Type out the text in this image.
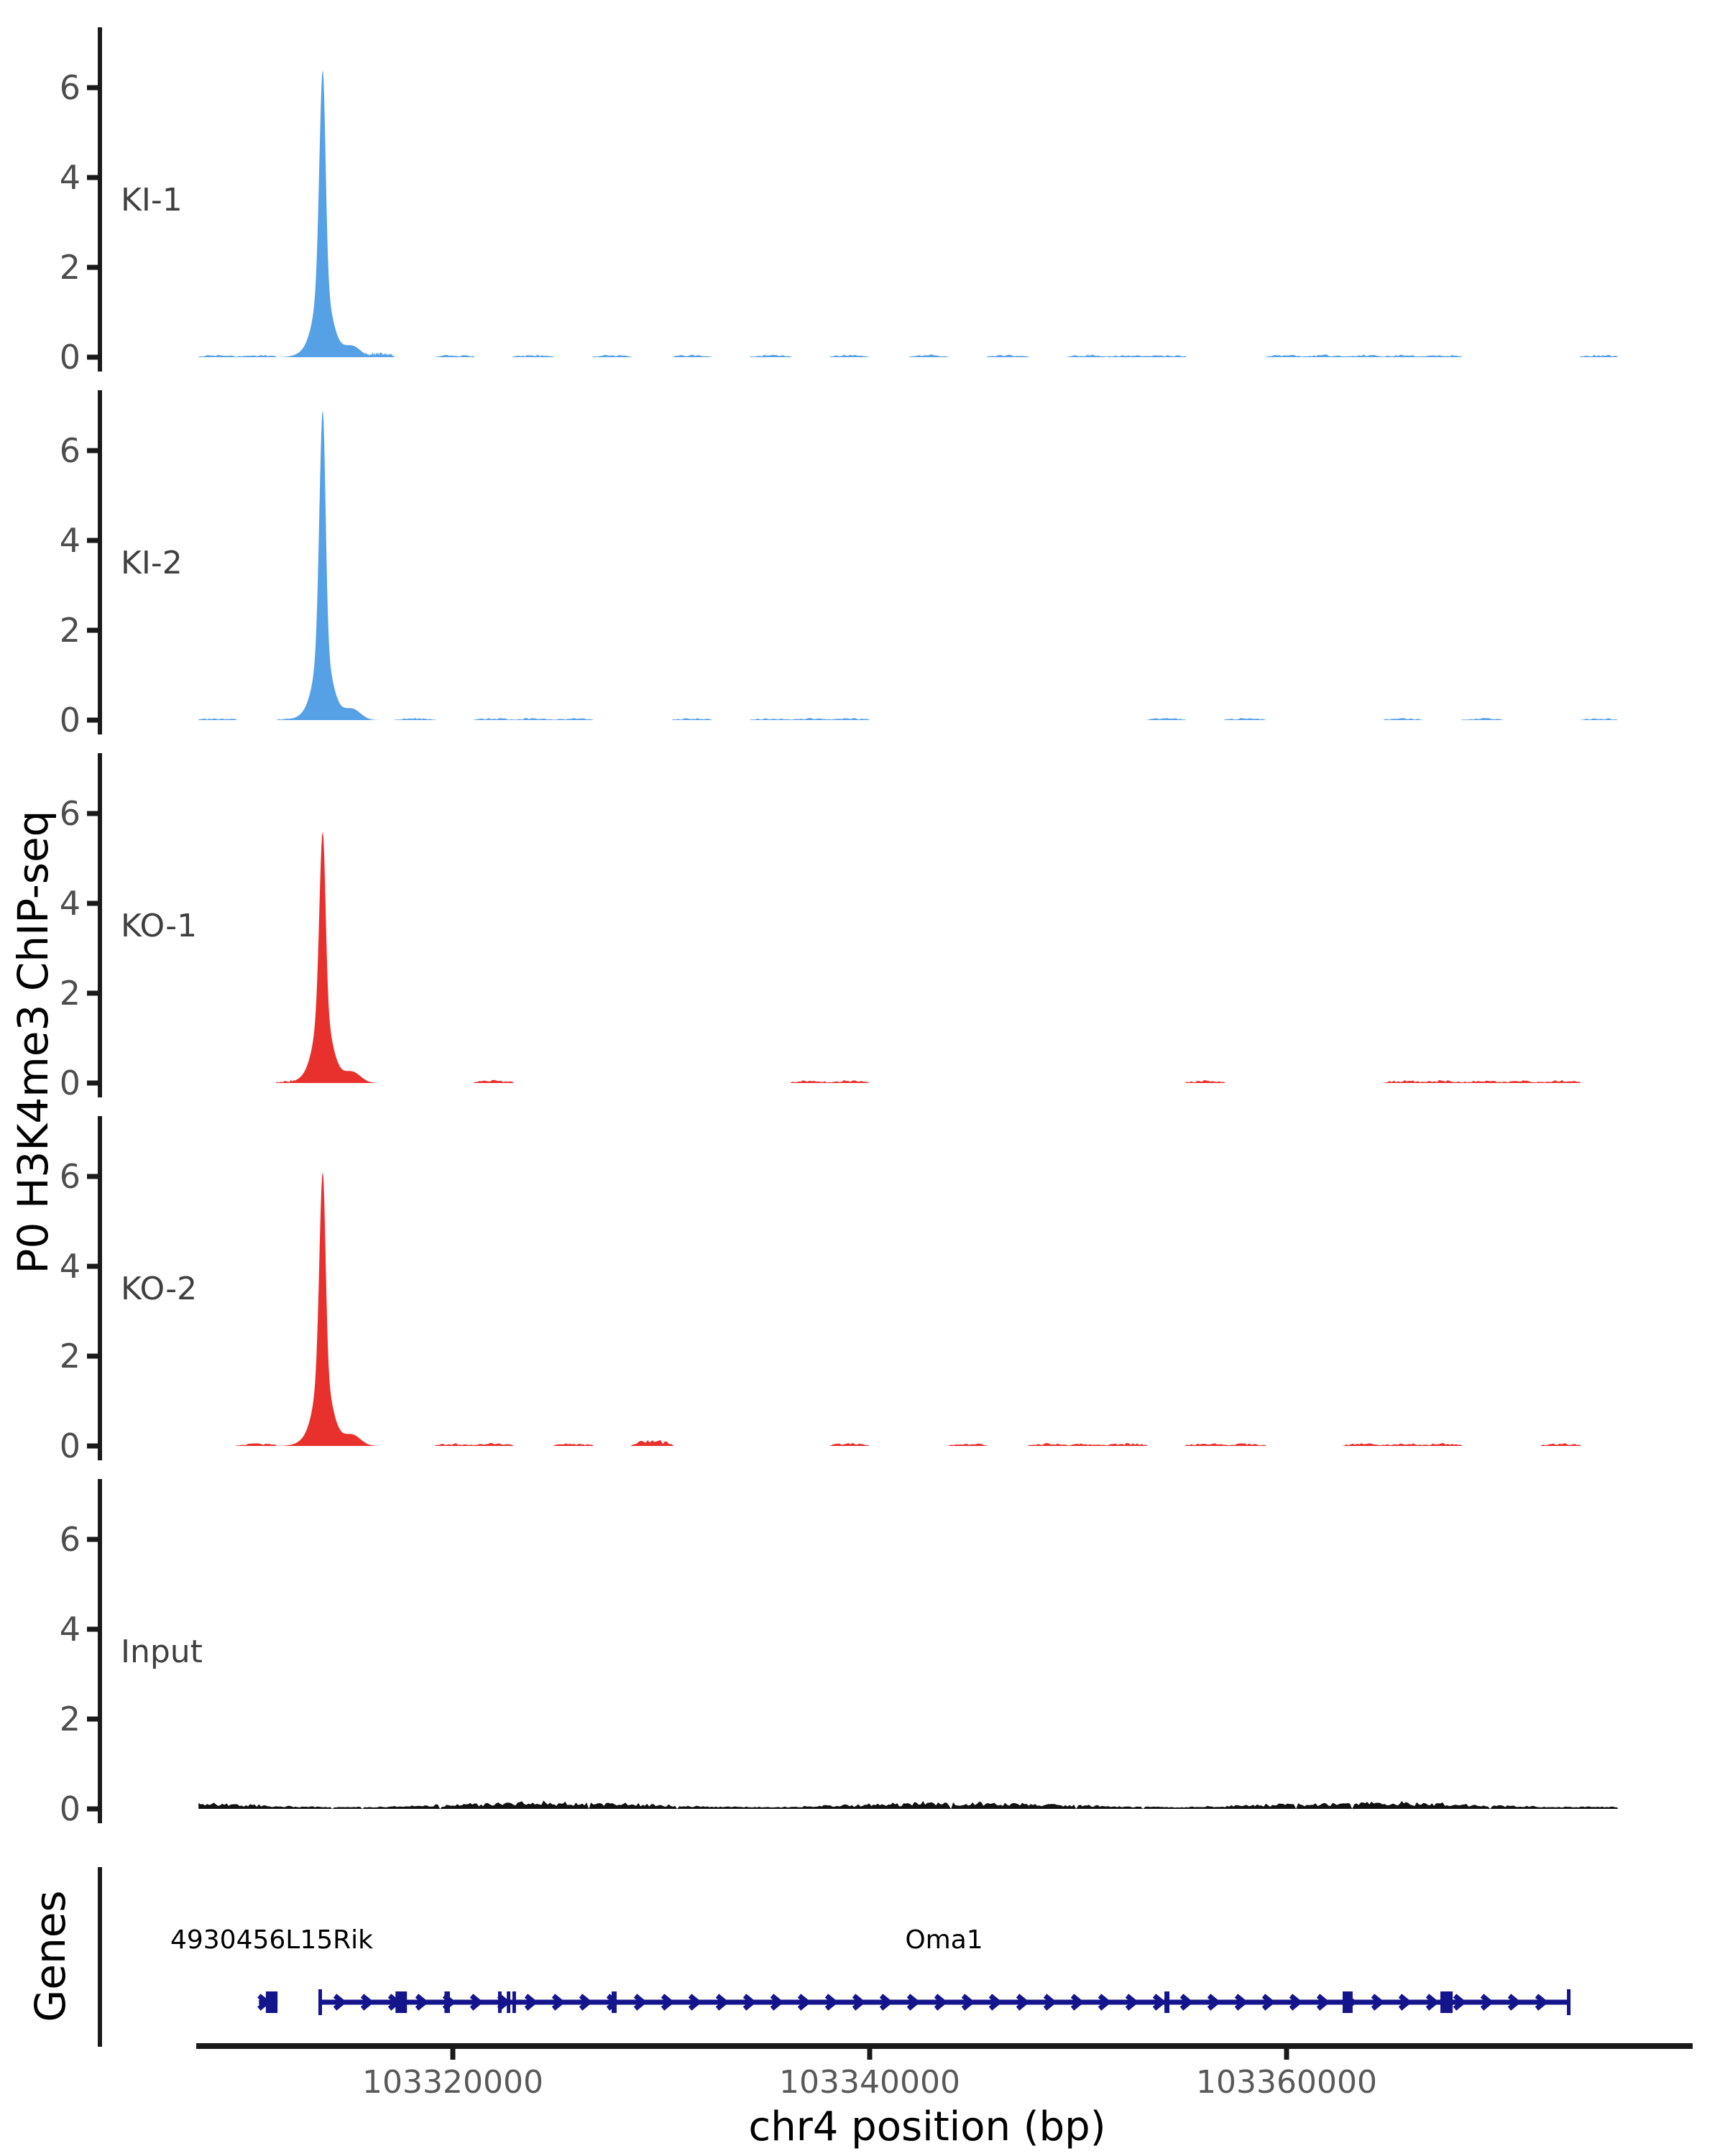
P0 H3K4me3 ChIP-seq
Genes
chr4 position (bp)
KI-1
KI-2
KO-1
KO-2
Input
103320000	103340000	103360000
4930456L15Rik	Oma1
0
2
4
6
0
2
4
6
0
2
4
6
0
2
4
6
0
2
4
6
